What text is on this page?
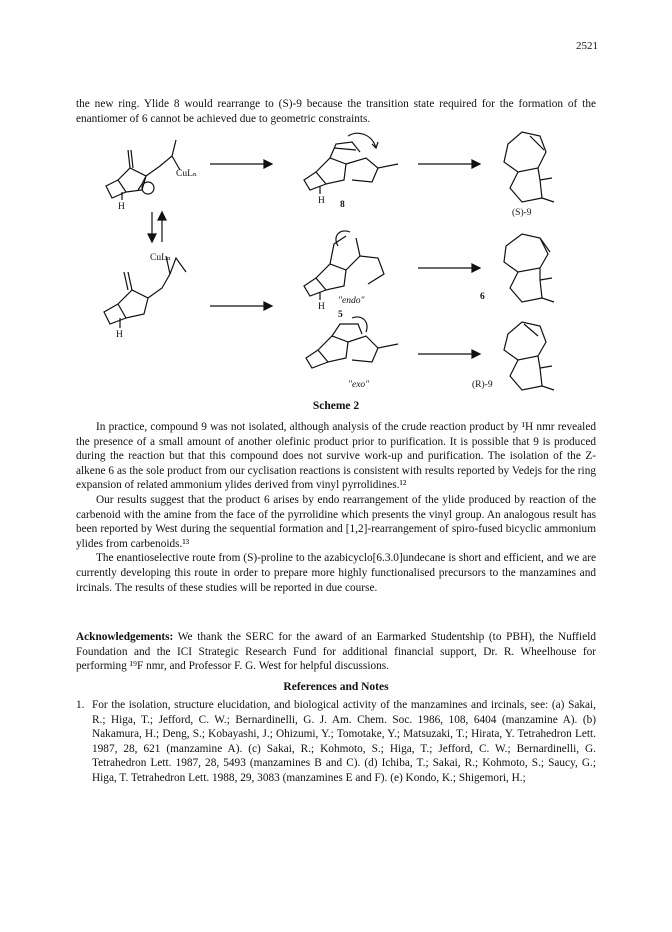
2521

the new ring. Ylide 8 would rearrange to (S)-9 because the transition state required for the formation of the enantiomer of 6 cannot be achieved due to geometric constraints.

CuLₙ
H
H 8
(S)-9
CuLₙ
H
H
"endo"
5
6
"exo"	(R)-9
Scheme 2

In practice, compound 9 was not isolated, although analysis of the crude reaction product by ¹H nmr revealed the presence of a small amount of another olefinic product prior to purification. It is possible that 9 is produced during the reaction but that this compound does not survive work-up and purification. The isolation of the Z-alkene 6 as the sole product from our cyclisation reactions is consistent with results reported by Vedejs for the ring expansion of related ammonium ylides derived from vinyl pyrrolidines.¹²

Our results suggest that the product 6 arises by endo rearrangement of the ylide produced by reaction of the carbenoid with the amine from the face of the pyrrolidine which presents the vinyl group. An analogous result has been reported by West during the sequential formation and [1,2]-rearrangement of spiro-fused bicyclic ammonium ylides from carbenoids.¹³

The enantioselective route from (S)-proline to the azabicyclo[6.3.0]undecane is short and efficient, and we are currently developing this route in order to prepare more highly functionalised precursors to the manzamines and ircinals. The results of these studies will be reported in due course.

Acknowledgements: We thank the SERC for the award of an Earmarked Studentship (to PBH), the Nuffield Foundation and the ICI Strategic Research Fund for additional financial support, Dr. R. Wheelhouse for performing ¹⁹F nmr, and Professor F. G. West for helpful discussions.

References and Notes
1. For the isolation, structure elucidation, and biological activity of the manzamines and ircinals, see: (a) Sakai, R.; Higa, T.; Jefford, C. W.; Bernardinelli, G. J. Am. Chem. Soc. 1986, 108, 6404 (manzamine A). (b) Nakamura, H.; Deng, S.; Kobayashi, J.; Ohizumi, Y.; Tomotake, Y.; Matsuzaki, T.; Hirata, Y. Tetrahedron Lett. 1987, 28, 621 (manzamine A). (c) Sakai, R.; Kohmoto, S.; Higa, T.; Jefford, C. W.; Bernardinelli, G. Tetrahedron Lett. 1987, 28, 5493 (manzamines B and C). (d) Ichiba, T.; Sakai, R.; Kohmoto, S.; Saucy, G.; Higa, T. Tetrahedron Lett. 1988, 29, 3083 (manzamines E and F). (e) Kondo, K.; Shigemori, H.;
